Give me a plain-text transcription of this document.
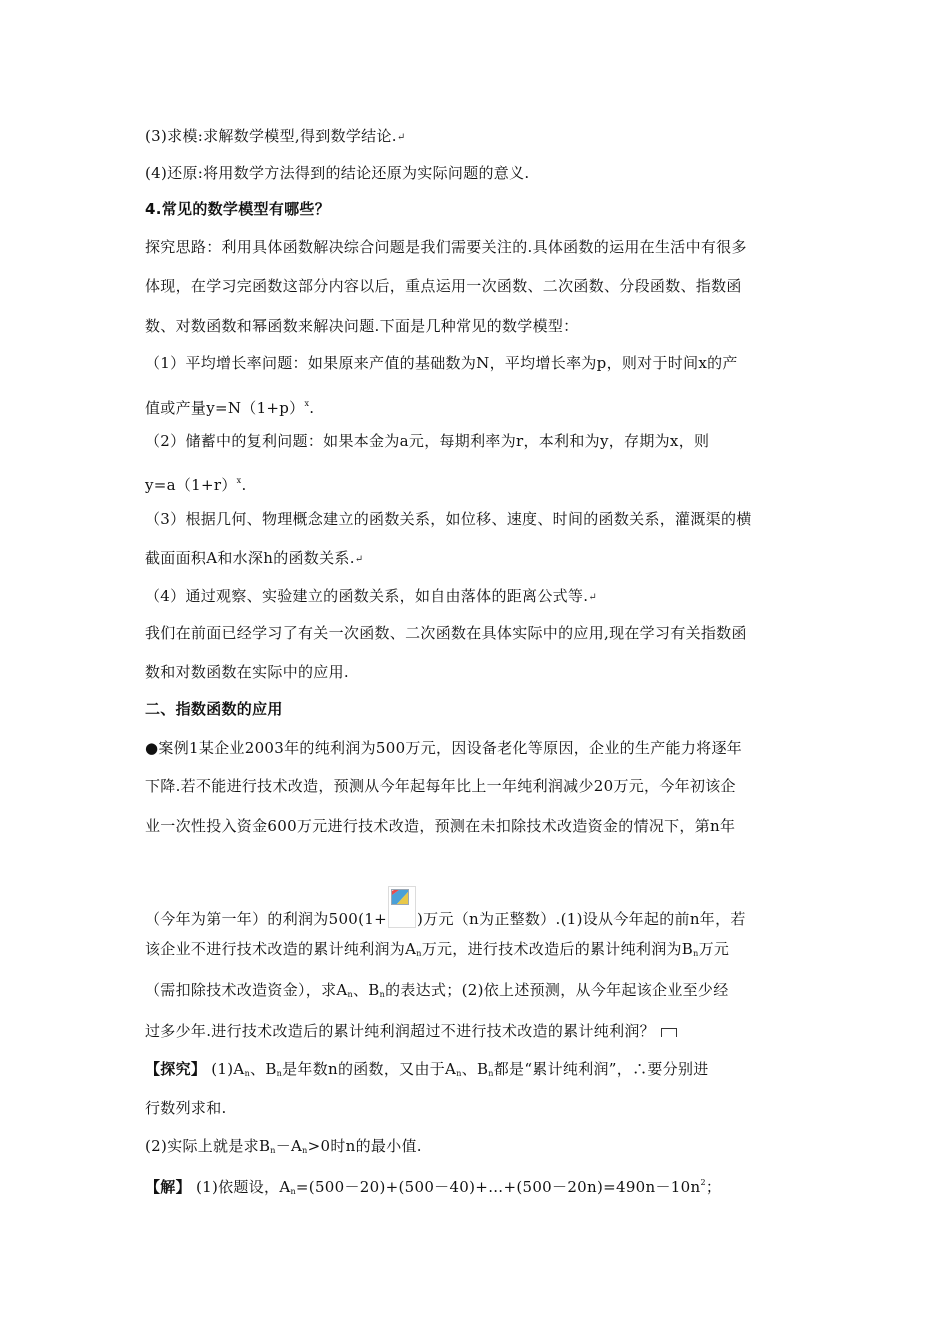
(3)求模:求解数学模型,得到数学结论.↵
(4)还原:将用数学方法得到的结论还原为实际问题的意义.
4.常见的数学模型有哪些？
探究思路：利用具体函数解决综合问题是我们需要关注的.具体函数的运用在生活中有很多
体现，在学习完函数这部分内容以后，重点运用一次函数、二次函数、分段函数、指数函
数、对数函数和幂函数来解决问题.下面是几种常见的数学模型：
（1）平均增长率问题：如果原来产值的基础数为N，平均增长率为p，则对于时间x的产
值或产量$y=N(1+p)^x$.
（2）储蓄中的复利问题：如果本金为a元，每期利率为r，本利和为y，存期为x，则
$y=a(1+r)^x$.
（3）根据几何、物理概念建立的函数关系，如位移、速度、时间的函数关系，灌溉渠的横
截面面积A和水深h的函数关系.↵
（4）通过观察、实验建立的函数关系，如自由落体的距离公式等.↵
我们在前面已经学习了有关一次函数、二次函数在具体实际中的应用,现在学习有关指数函
数和对数函数在实际中的应用.
二、指数函数的应用
●案例1某企业2003年的纯利润为500万元，因设备老化等原因，企业的生产能力将逐年
下降.若不能进行技术改造，预测从今年起每年比上一年纯利润减少20万元，今年初该企
业一次性投入资金600万元进行技术改造，预测在未扣除技术改造资金的情况下，第n年
（今年为第一年）的利润为500(1+ )万元（n为正整数）.(1)设从今年起的前n年，若
该企业不进行技术改造的累计纯利润为$A_n$万元，进行技术改造后的累计纯利润为$B_n$万元
（需扣除技术改造资金），求$A_n$、$B_n$的表达式；(2)依上述预测，从今年起该企业至少经
过多少年.进行技术改造后的累计纯利润超过不进行技术改造的累计纯利润？
【探究】 $(1)A_n$、$B_n$是年数n的函数，又由于$A_n$、$B_n$都是“累计纯利润”，∴要分别进
行数列求和.
(2)实际上就是求$B_n-A_n>0$时n的最小值.
【解】 (1)依题设，$A_n=(500-20)+(500-40)+\dots+(500-20n)=490n-10n^2$；
